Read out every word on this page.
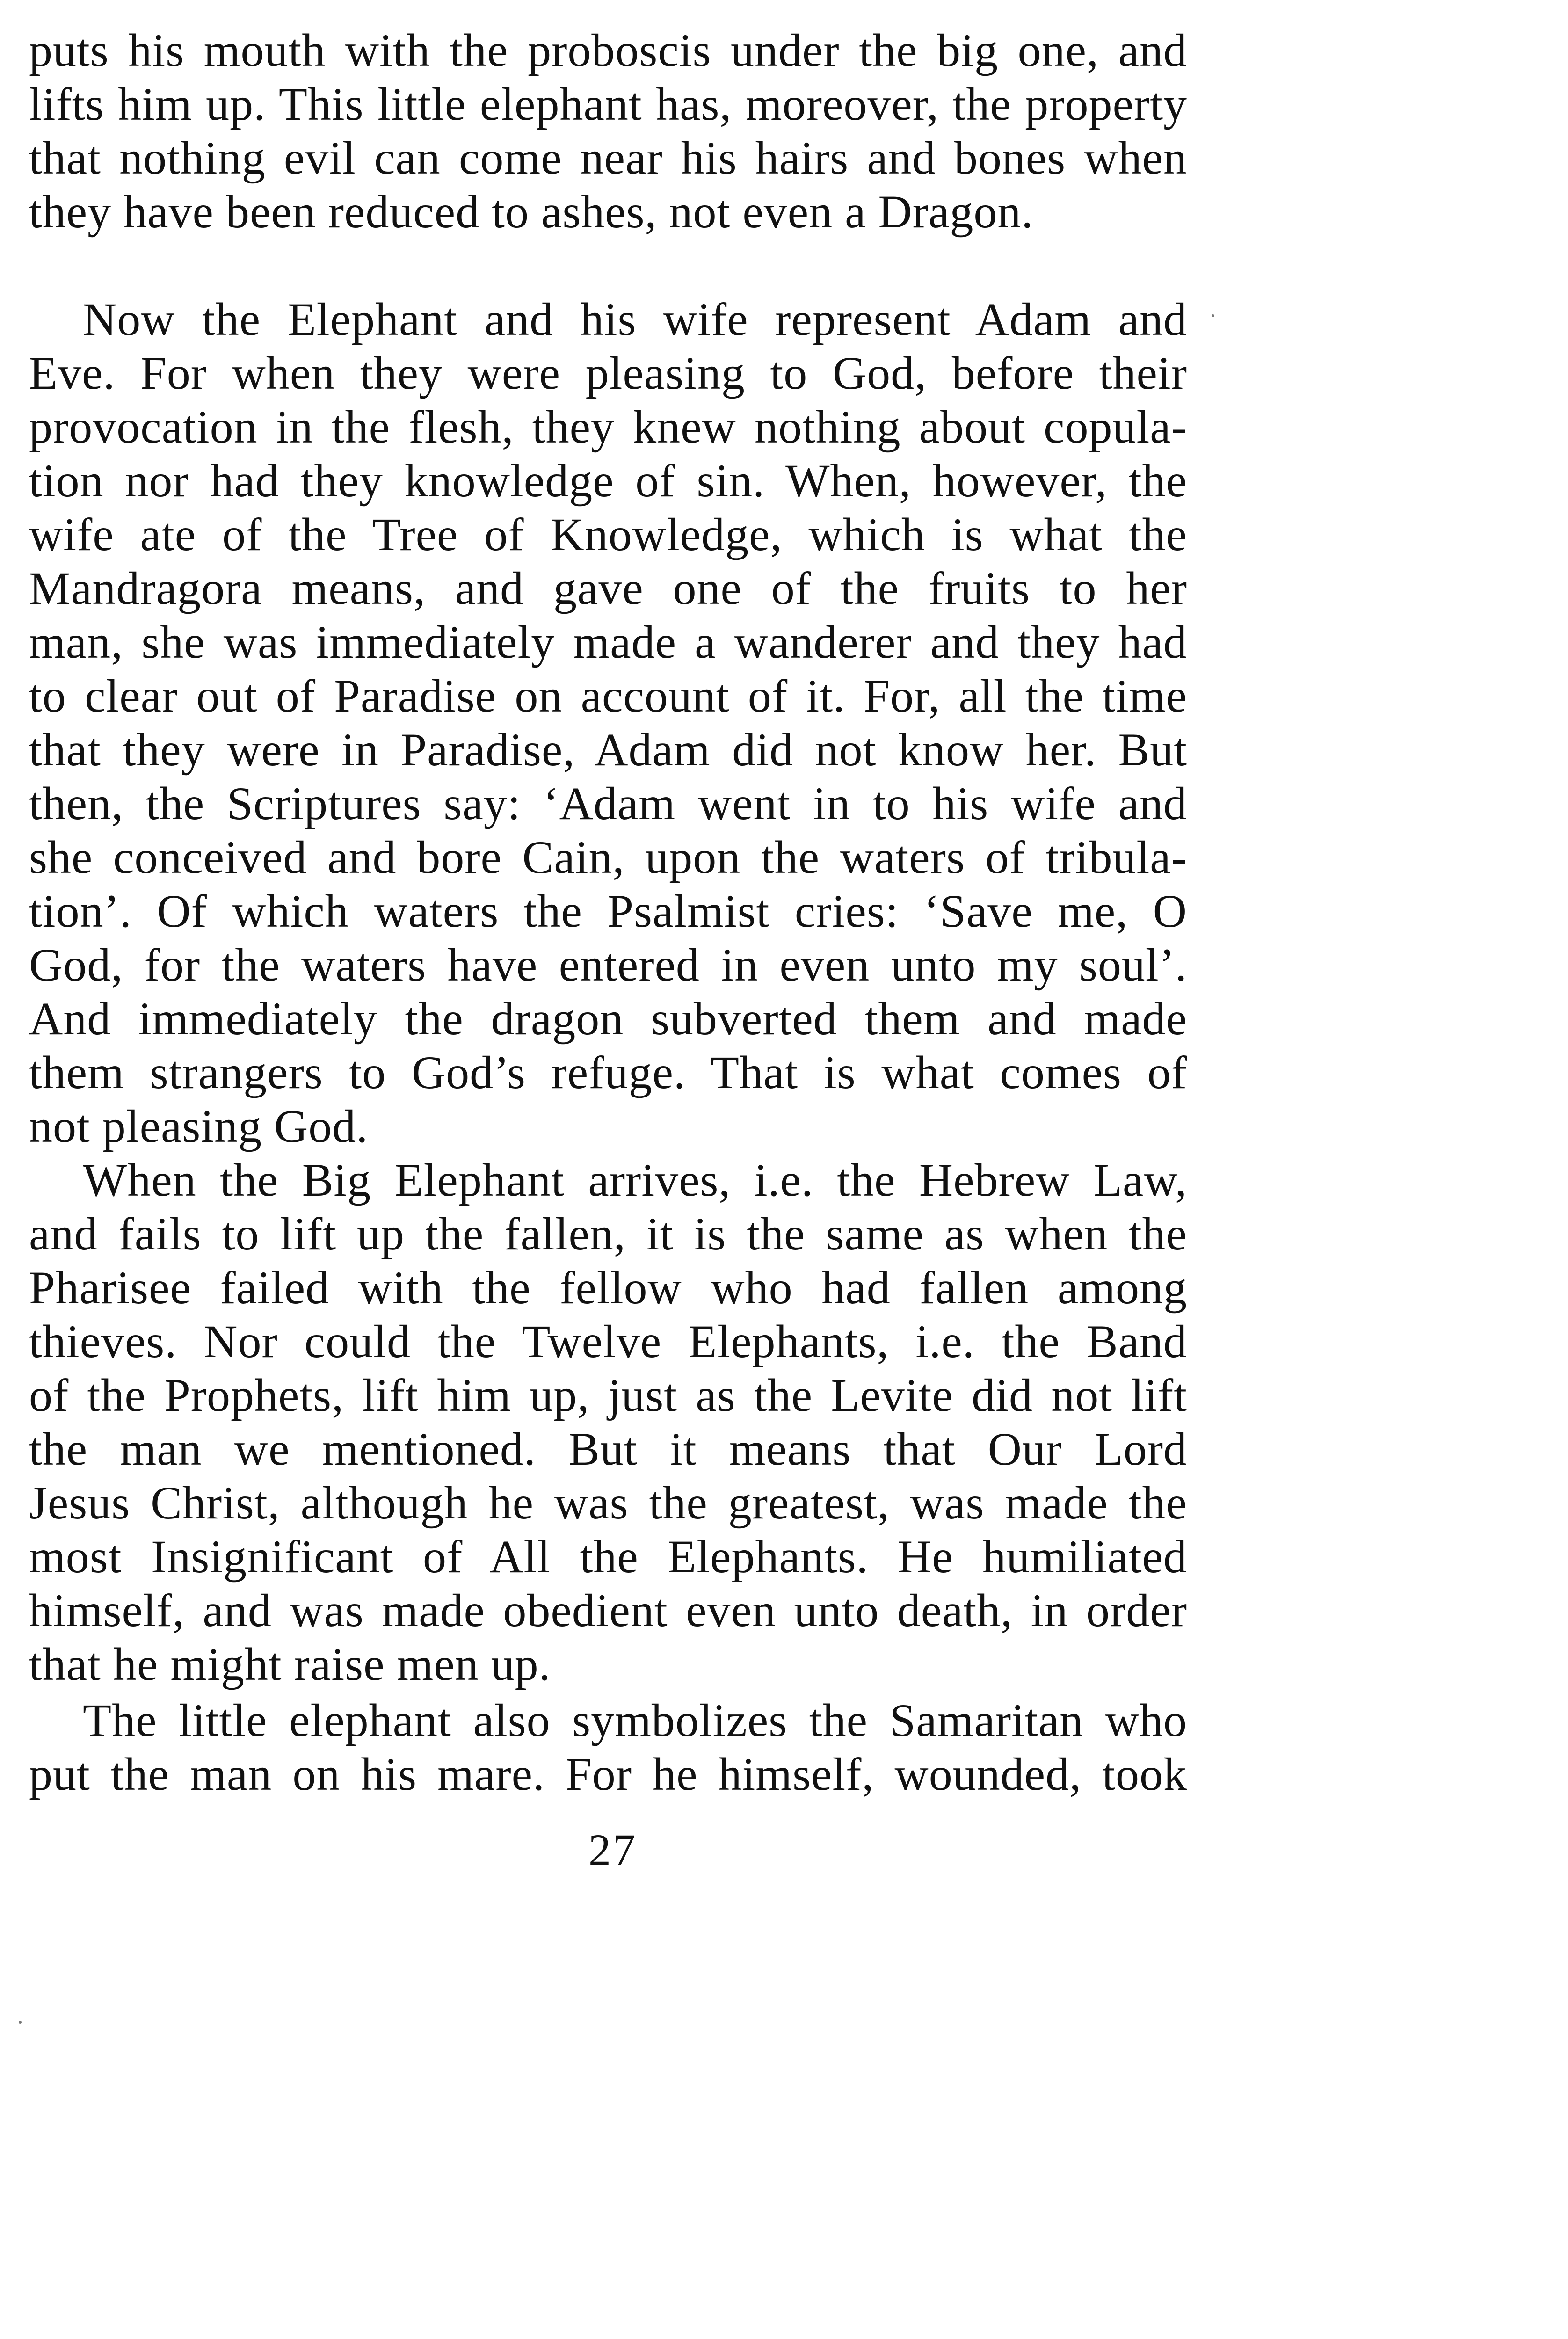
puts his mouth with the proboscis under the big one, and
lifts him up. This little elephant has, moreover, the property
that nothing evil can come near his hairs and bones when
they have been reduced to ashes, not even a Dragon.
Now the Elephant and his wife represent Adam and
Eve. For when they were pleasing to God, before their
provocation in the flesh, they knew nothing about copula-
tion nor had they knowledge of sin. When, however, the
wife ate of the Tree of Knowledge, which is what the
Mandragora means, and gave one of the fruits to her
man, she was immediately made a wanderer and they had
to clear out of Paradise on account of it. For, all the time
that they were in Paradise, Adam did not know her. But
then, the Scriptures say: ‘Adam went in to his wife and
she conceived and bore Cain, upon the waters of tribula-
tion’. Of which waters the Psalmist cries: ‘Save me, O
God, for the waters have entered in even unto my soul’.
And immediately the dragon subverted them and made
them strangers to God’s refuge. That is what comes of
not pleasing God.
When the Big Elephant arrives, i.e. the Hebrew Law,
and fails to lift up the fallen, it is the same as when the
Pharisee failed with the fellow who had fallen among
thieves. Nor could the Twelve Elephants, i.e. the Band
of the Prophets, lift him up, just as the Levite did not lift
the man we mentioned. But it means that Our Lord
Jesus Christ, although he was the greatest, was made the
most Insignificant of All the Elephants. He humiliated
himself, and was made obedient even unto death, in order
that he might raise men up.
The little elephant also symbolizes the Samaritan who
put the man on his mare. For he himself, wounded, took
27
